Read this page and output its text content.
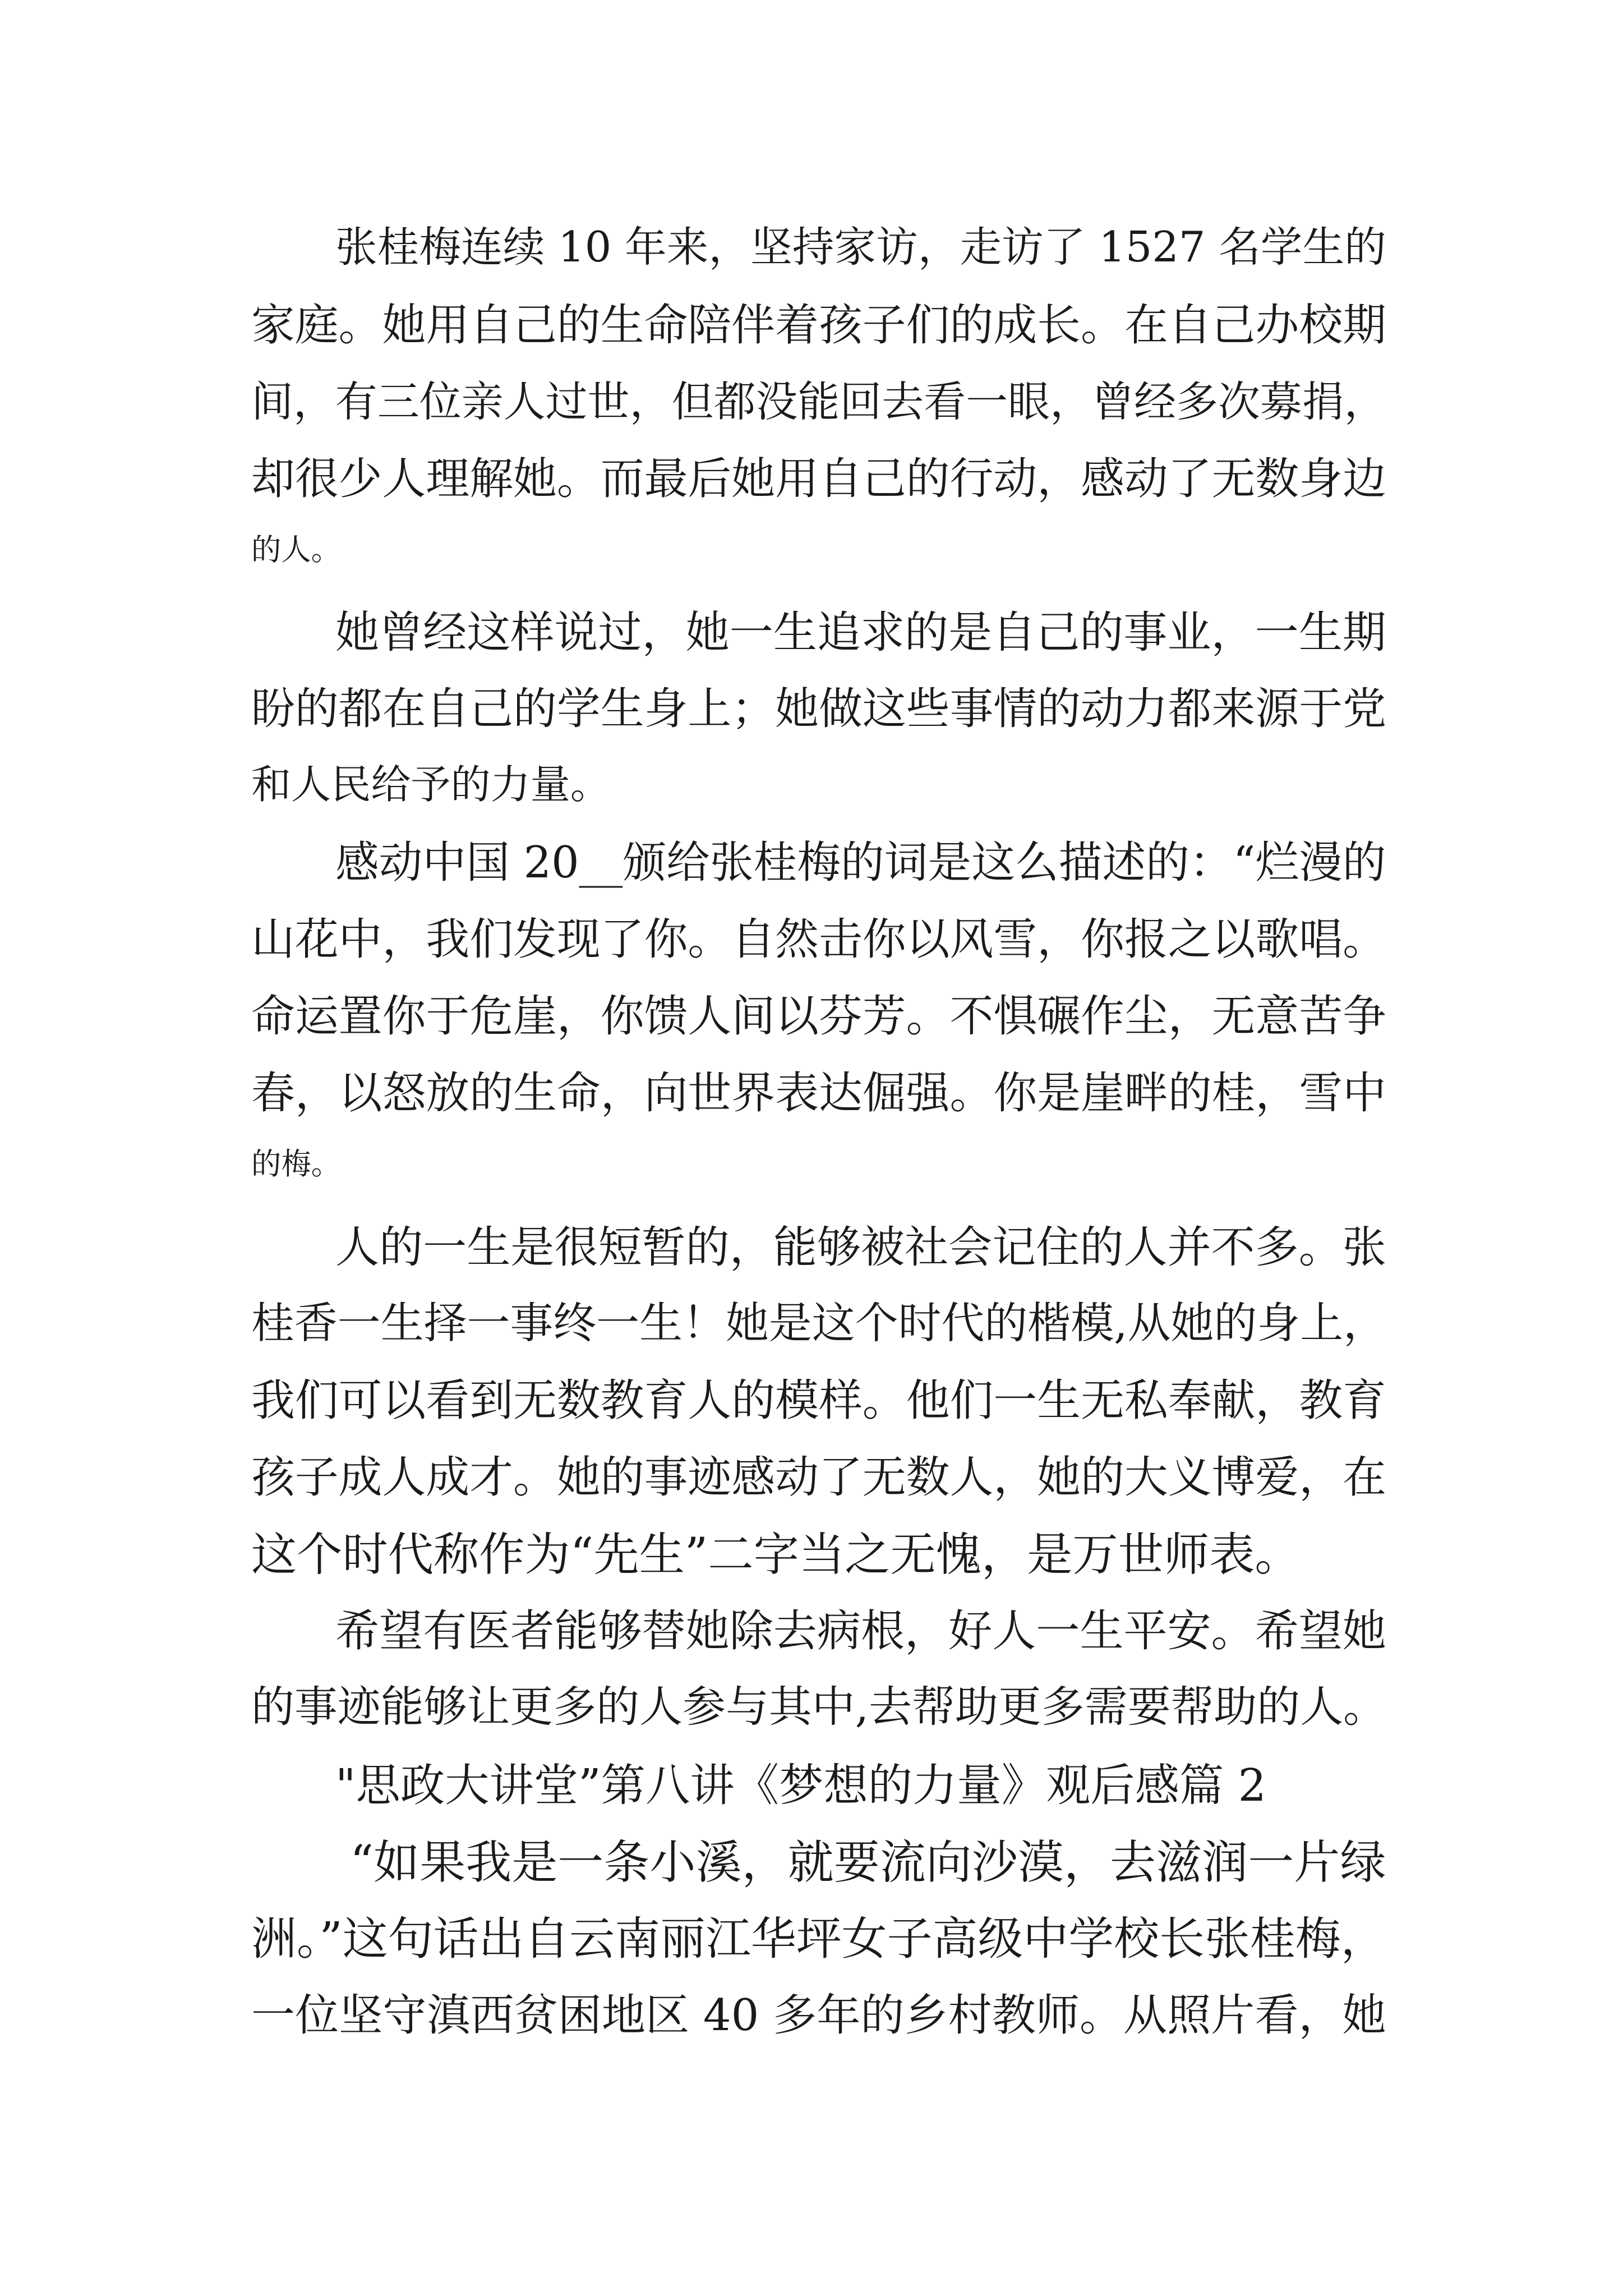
张桂梅连续 10 年来，坚持家访，走访了 1527 名学生的
家庭。她用自己的生命陪伴着孩子们的成长。在自己办校期
间，有三位亲人过世，但都没能回去看一眼，曾经多次募捐，
却很少人理解她。而最后她用自己的行动，感动了无数身边
的人。
她曾经这样说过，她一生追求的是自己的事业，一生期
盼的都在自己的学生身上；她做这些事情的动力都来源于党
和人民给予的力量。
感动中国 20__颁给张桂梅的词是这么描述的：“烂漫的
山花中，我们发现了你。自然击你以风雪，你报之以歌唱。
命运置你于危崖，你馈人间以芬芳。不惧碾作尘，无意苦争
春，以怒放的生命，向世界表达倔强。你是崖畔的桂，雪中
的梅。
人的一生是很短暂的，能够被社会记住的人并不多。张
桂香一生择一事终一生！她是这个时代的楷模,从她的身上，
我们可以看到无数教育人的模样。他们一生无私奉献，教育
孩子成人成才。她的事迹感动了无数人，她的大义博爱，在
这个时代称作为“先生”二字当之无愧，是万世师表。
希望有医者能够替她除去病根，好人一生平安。希望她
的事迹能够让更多的人参与其中,去帮助更多需要帮助的人。
"思政大讲堂”第八讲《梦想的力量》观后感篇 2
“如果我是一条小溪，就要流向沙漠，去滋润一片绿
洲。”这句话出自云南丽江华坪女子高级中学校长张桂梅，
一位坚守滇西贫困地区 40 多年的乡村教师。从照片看，她
